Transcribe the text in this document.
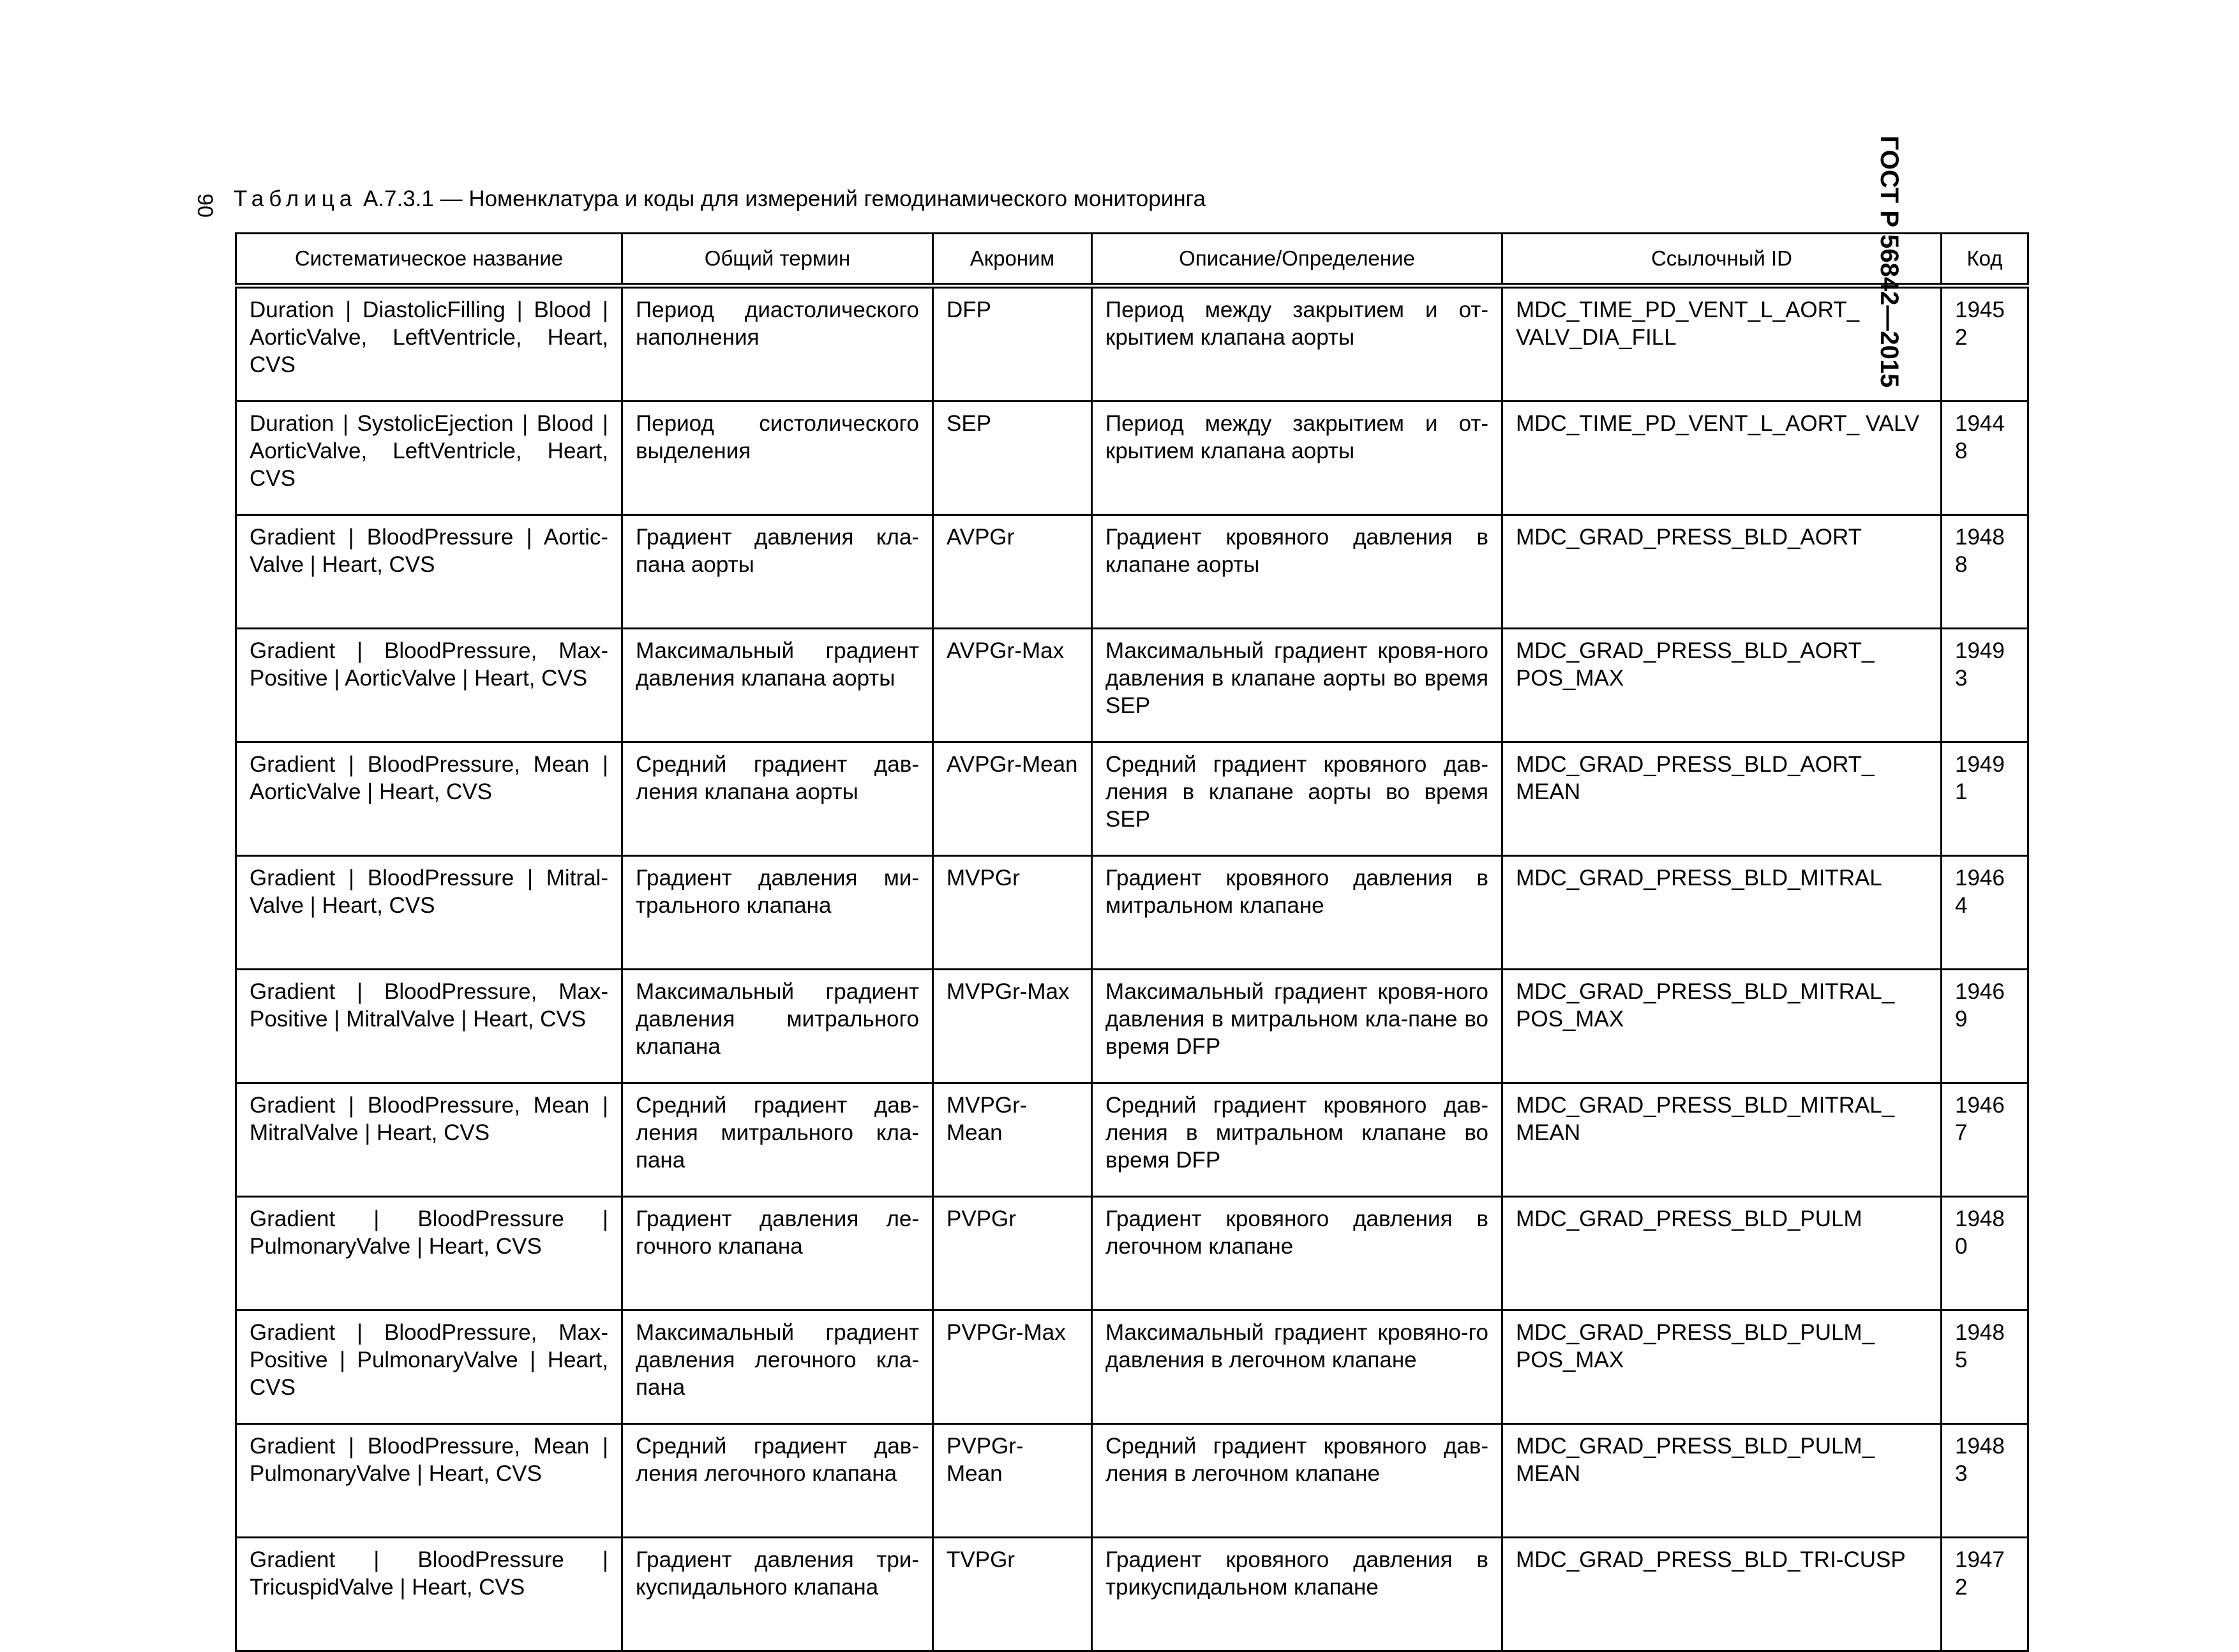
90 Таблица А.7.3.1 — Номенклатура и коды для измерений гемодинамического мониторинга	ГОСТ Р 56842—2015
Систематическое название	Общий термин	Акроним	Описание/Определение	Ссылочный ID	Код
Duration | DiastolicFilling | Blood | AorticValve, LeftVentricle, Heart, CVS	Период диастолического наполнения	DFP	Период между закрытием и от-крытием клапана аорты	MDC_TIME_PD_VENT_L_AORT_ VALV_DIA_FILL	19452
Duration | SystolicEjection | Blood | AorticValve, LeftVentricle, Heart, CVS	Период систолического выделения	SEP	Период между закрытием и от-крытием клапана аорты	MDC_TIME_PD_VENT_L_AORT_ VALV	19448
Gradient | BloodPressure | Aortic-Valve | Heart, CVS	Градиент давления кла-пана аорты	AVPGr	Градиент кровяного давления в клапане аорты	MDC_GRAD_PRESS_BLD_AORT	19488
Gradient | BloodPressure, Max-Positive | AorticValve | Heart, CVS	Максимальный градиент давления клапана аорты	AVPGr-Max	Максимальный градиент кровя-ного давления в клапане аорты во время SEP	MDC_GRAD_PRESS_BLD_AORT_ POS_MAX	19493
Gradient | BloodPressure, Mean | AorticValve | Heart, CVS	Средний градиент дав-ления клапана аорты	AVPGr-Mean	Средний градиент кровяного дав-ления в клапане аорты во время SEP	MDC_GRAD_PRESS_BLD_AORT_ MEAN	19491
Gradient | BloodPressure | Mitral-Valve | Heart, CVS	Градиент давления ми-трального клапана	MVPGr	Градиент кровяного давления в митральном клапане	MDC_GRAD_PRESS_BLD_MITRAL	19464
Gradient | BloodPressure, Max-Positive | MitralValve | Heart, CVS	Максимальный градиент давления митрального клапана	MVPGr-Max	Максимальный градиент кровя-ного давления в митральном кла-пане во время DFP	MDC_GRAD_PRESS_BLD_MITRAL_ POS_MAX	19469
Gradient | BloodPressure, Mean | MitralValve | Heart, CVS	Средний градиент дав-ления митрального кла-пана	MVPGr-Mean	Средний градиент кровяного дав-ления в митральном клапане во время DFP	MDC_GRAD_PRESS_BLD_MITRAL_ MEAN	19467
Gradient | BloodPressure | PulmonaryValve | Heart, CVS	Градиент давления ле-гочного клапана	PVPGr	Градиент кровяного давления в легочном клапане	MDC_GRAD_PRESS_BLD_PULM	19480
Gradient | BloodPressure, Max-Positive | PulmonaryValve | Heart, CVS	Максимальный градиент давления легочного кла-пана	PVPGr-Max	Максимальный градиент кровяно-го давления в легочном клапане	MDC_GRAD_PRESS_BLD_PULM_ POS_MAX	19485
Gradient | BloodPressure, Mean | PulmonaryValve | Heart, CVS	Средний градиент дав-ления легочного клапана	PVPGr-Mean	Средний градиент кровяного дав-ления в легочном клапане	MDC_GRAD_PRESS_BLD_PULM_ MEAN	19483
Gradient | BloodPressure | TricuspidValve | Heart, CVS	Градиент давления три-куспидального клапана	TVPGr	Градиент кровяного давления в трикуспидальном клапане	MDC_GRAD_PRESS_BLD_TRI-CUSP	19472
